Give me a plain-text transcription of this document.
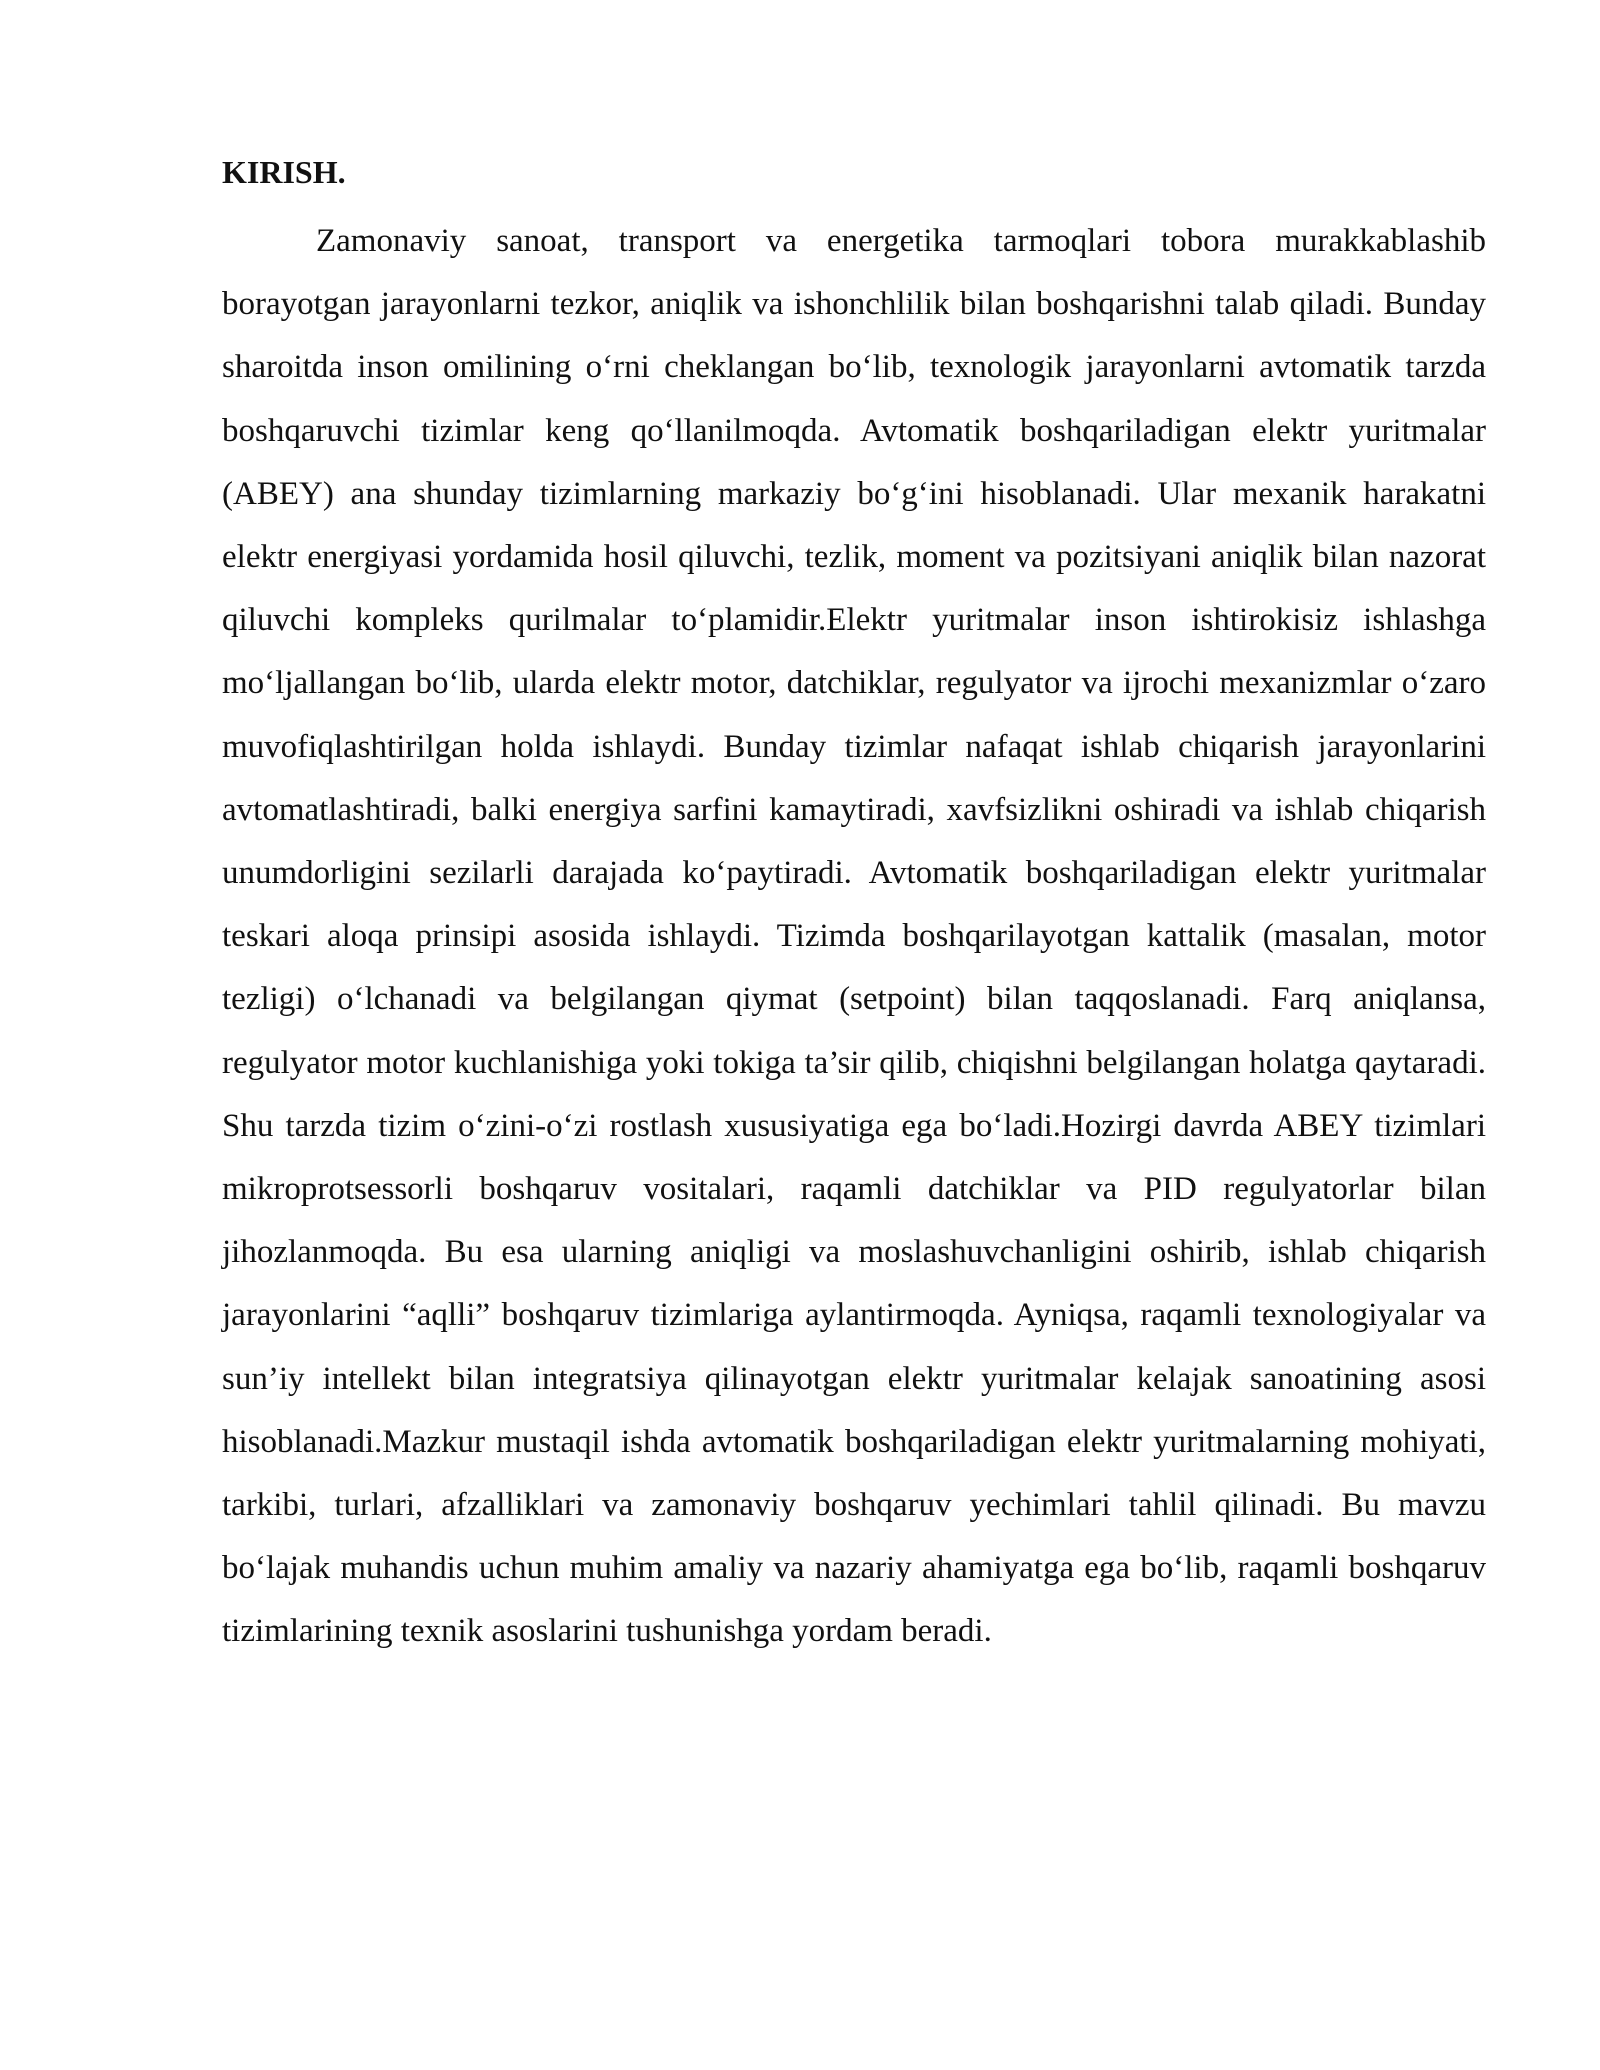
KIRISH.

Zamonaviy sanoat, transport va energetika tarmoqlari tobora murakkablashib borayotgan jarayonlarni tezkor, aniqlik va ishonchlilik bilan boshqarishni talab qiladi. Bunday sharoitda inson omilining o‘rni cheklangan bo‘lib, texnologik jarayonlarni avtomatik tarzda boshqaruvchi tizimlar keng qo‘llanilmoqda. Avtomatik boshqariladigan elektr yuritmalar (ABEY) ana shunday tizimlarning markaziy bo‘g‘ini hisoblanadi. Ular mexanik harakatni elektr energiyasi yordamida hosil qiluvchi, tezlik, moment va pozitsiyani aniqlik bilan nazorat qiluvchi kompleks qurilmalar to‘plamidir.Elektr yuritmalar inson ishtirokisiz ishlashga mo‘ljallangan bo‘lib, ularda elektr motor, datchiklar, regulyator va ijrochi mexanizmlar o‘zaro muvofiqlashtirilgan holda ishlaydi. Bunday tizimlar nafaqat ishlab chiqarish jarayonlarini avtomatlashtiradi, balki energiya sarfini kamaytiradi, xavfsizlikni oshiradi va ishlab chiqarish unumdorligini sezilarli darajada ko‘paytiradi. Avtomatik boshqariladigan elektr yuritmalar teskari aloqa prinsipi asosida ishlaydi. Tizimda boshqarilayotgan kattalik (masalan, motor tezligi) o‘lchanadi va belgilangan qiymat (setpoint) bilan taqqoslanadi. Farq aniqlansa, regulyator motor kuchlanishiga yoki tokiga ta’sir qilib, chiqishni belgilangan holatga qaytaradi. Shu tarzda tizim o‘zini-o‘zi rostlash xususiyatiga ega bo‘ladi.Hozirgi davrda ABEY tizimlari mikroprotsessorli boshqaruv vositalari, raqamli datchiklar va PID regulyatorlar bilan jihozlanmoqda. Bu esa ularning aniqligi va moslashuvchanligini oshirib, ishlab chiqarish jarayonlarini “aqlli” boshqaruv tizimlariga aylantirmoqda. Ayniqsa, raqamli texnologiyalar va sun’iy intellekt bilan integratsiya qilinayotgan elektr yuritmalar kelajak sanoatining asosi hisoblanadi.Mazkur mustaqil ishda avtomatik boshqariladigan elektr yuritmalarning mohiyati, tarkibi, turlari, afzalliklari va zamonaviy boshqaruv yechimlari tahlil qilinadi. Bu mavzu bo‘lajak muhandis uchun muhim amaliy va nazariy ahamiyatga ega bo‘lib, raqamli boshqaruv tizimlarining texnik asoslarini tushunishga yordam beradi.
